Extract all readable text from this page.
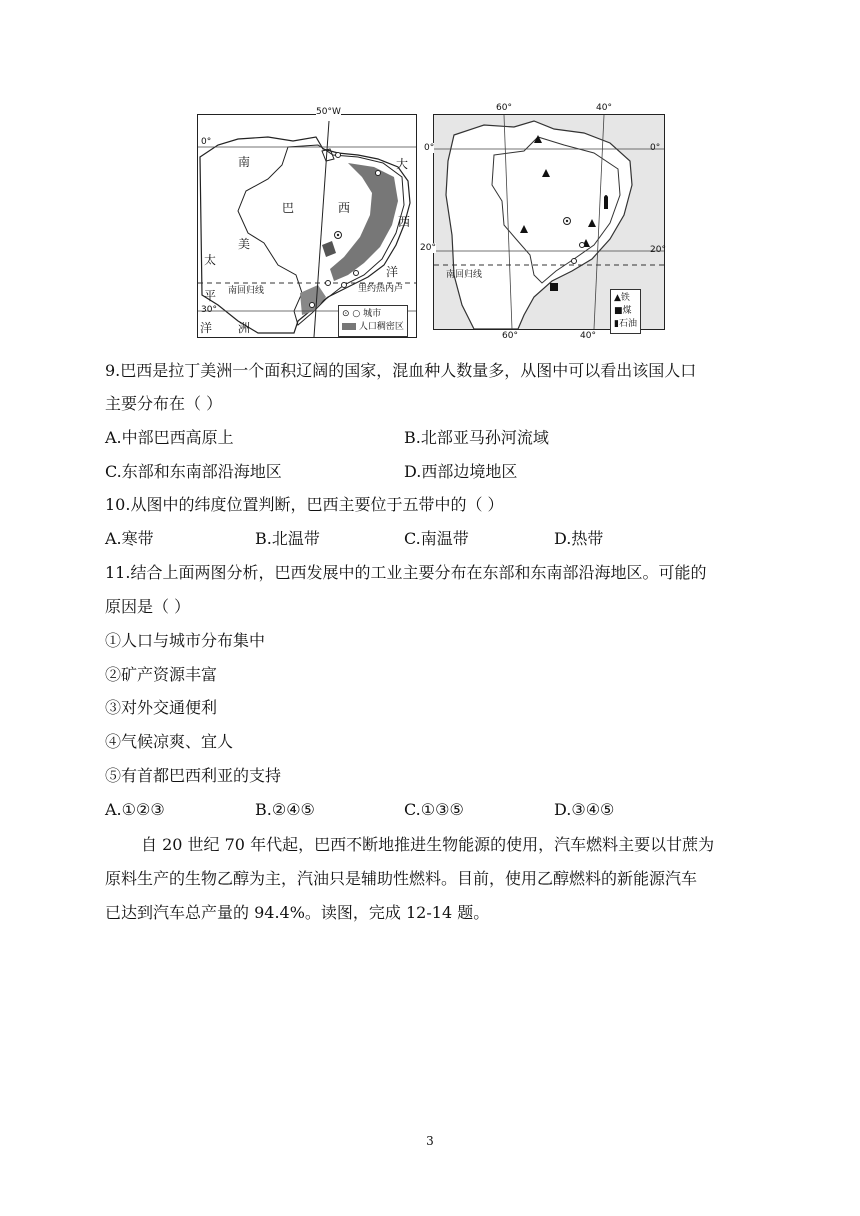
50°W
0°
南
巴	西
美
太
平
洋 洲
大
西
洋
南回归线
30°
里约热内卢
⊙ ○ 城市
人口稠密区
60°	40°
0°	0°
20°	20°
南回归线
60°	40°
▲铁
■煤
▮石油
9.巴西是拉丁美洲一个面积辽阔的国家，混血种人数量多，从图中可以看出该国人口
主要分布在（ ）
A.中部巴西高原上	B.北部亚马孙河流域
C.东部和东南部沿海地区	D.西部边境地区
10.从图中的纬度位置判断，巴西主要位于五带中的（ ）
A.寒带	B.北温带	C.南温带	D.热带
11.结合上面两图分析，巴西发展中的工业主要分布在东部和东南部沿海地区。可能的
原因是（ ）
①人口与城市分布集中
②矿产资源丰富
③对外交通便利
④气候凉爽、宜人
⑤有首都巴西利亚的支持
A.①②③	B.②④⑤	C.①③⑤	D.③④⑤

自 20 世纪 70 年代起，巴西不断地推进生物能源的使用，汽车燃料主要以甘蔗为

原料生产的生物乙醇为主，汽油只是辅助性燃料。目前，使用乙醇燃料的新能源汽车

已达到汽车总产量的 94.4%。读图，完成 12-14 题。

3
